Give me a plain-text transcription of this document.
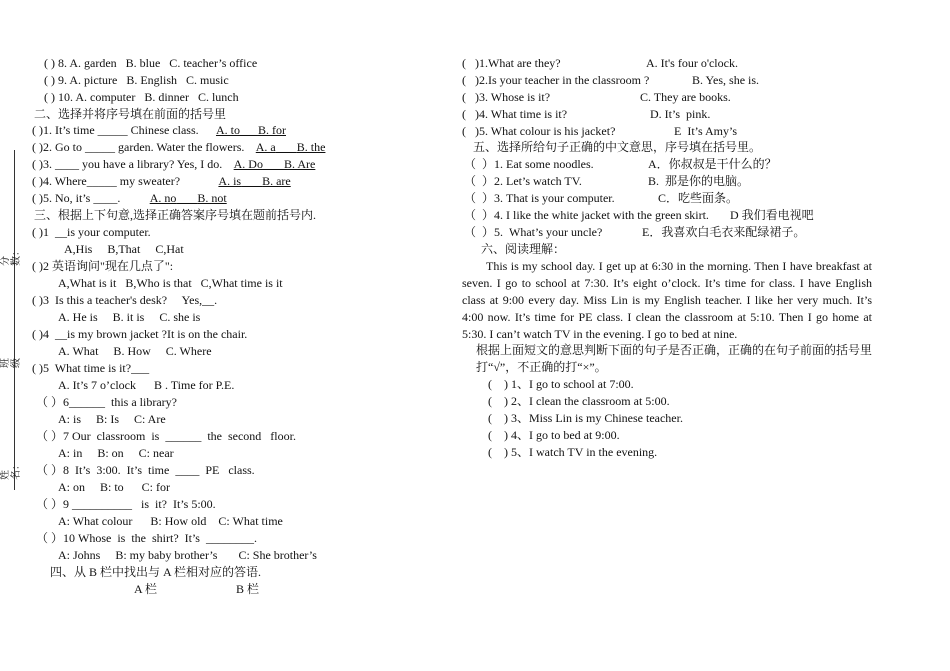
分数：
班级
姓名：
( ) 8. A. garden   B. blue   C. teacher’s office
( ) 9. A. picture   B. English   C. music
( ) 10. A. computer   B. dinner   C. lunch
二、选择并将序号填在前面的括号里
( )1. It’s time _____ Chinese class. A. to B. for
( )2. Go to _____ garden. Water the flowers. A. a B. the
( )3. ____ you have a library? Yes, I do. A. Do B. Are
( )4. Where_____ my sweater?	A. is B. are
( )5. No, it’s ____. A. no B. not
三、根据上下句意,选择正确答案序号填在题前括号内.
( )1  __is your computer.
A,His     B,That     C,Hat
( )2 英语询问"现在几点了":
A,What is it   B,Who is that   C,What time is it
( )3  Is this a teacher's desk?     Yes,__.
A. He is     B. it is     C. she is
( )4  __is my brown jacket ?It is on the chair.
A. What     B. How     C. Where
( )5  What time is it?___
A. It’s 7 o’clock      B . Time for P.E.
（ ）6______  this a library?
A: is     B: Is     C: Are
（ ）7 Our  classroom  is  ______  the  second   floor.
A: in     B: on     C: near
（ ）8  It’s  3:00.  It’s  time  ____  PE   class.
A: on     B: to      C: for
（ ）9 __________   is  it?  It’s 5:00.
A: What colour      B: How old    C: What time
（ ）10 Whose  is  the  shirt?  It’s  ________.
A: Johns     B: my baby brother’s       C: She brother’s
四、从 B 栏中找出与 A 栏相对应的答语.
A 栏	B 栏
(   )1.What are they?	A. It's four o'clock.
(   )2.Is your teacher in the classroom ?	B. Yes, she is.
(   )3. Whose is it?	C. They are books.
(   )4. What time is it?	D. It’s  pink.
(   )5. What colour is his jacket?	E  It’s Amy’s
五、选择所给句子正确的中文意思，序号填在括号里。
（  ）1. Eat some noodles.	A．你叔叔是干什么的？
（  ）2. Let’s watch TV.	B.  那是你的电脑。
（  ）3. That is your computer.	C．吃些面条。
（  ）4. I like the white jacket with the green skirt. D 我们看电视吧
（  ）5.  What’s your uncle?	E．我喜欢白毛衣来配绿裙子。
六、阅读理解：

This is my school day. I get up at 6:30 in the morning. Then I have breakfast at seven. I go to school at 7:30. It’s eight o’clock. It’s time for class. I have English class at 9:00 every day. Miss Lin is my English teacher. I like her very much. It’s 4:00 now. It’s time for PE class. I clean the classroom at 5:10. Then I go home at 5:30. I can’t watch TV in the evening. I go to bed at nine.

根据上面短文的意思判断下面的句子是否正确，正确的在句子前面的括号里打“√”，不正确的打“×”。
(    ) 1、I go to school at 7:00.
(    ) 2、I clean the classroom at 5:00.
(    ) 3、Miss Lin is my Chinese teacher.
(    ) 4、I go to bed at 9:00.
(    ) 5、I watch TV in the evening.
